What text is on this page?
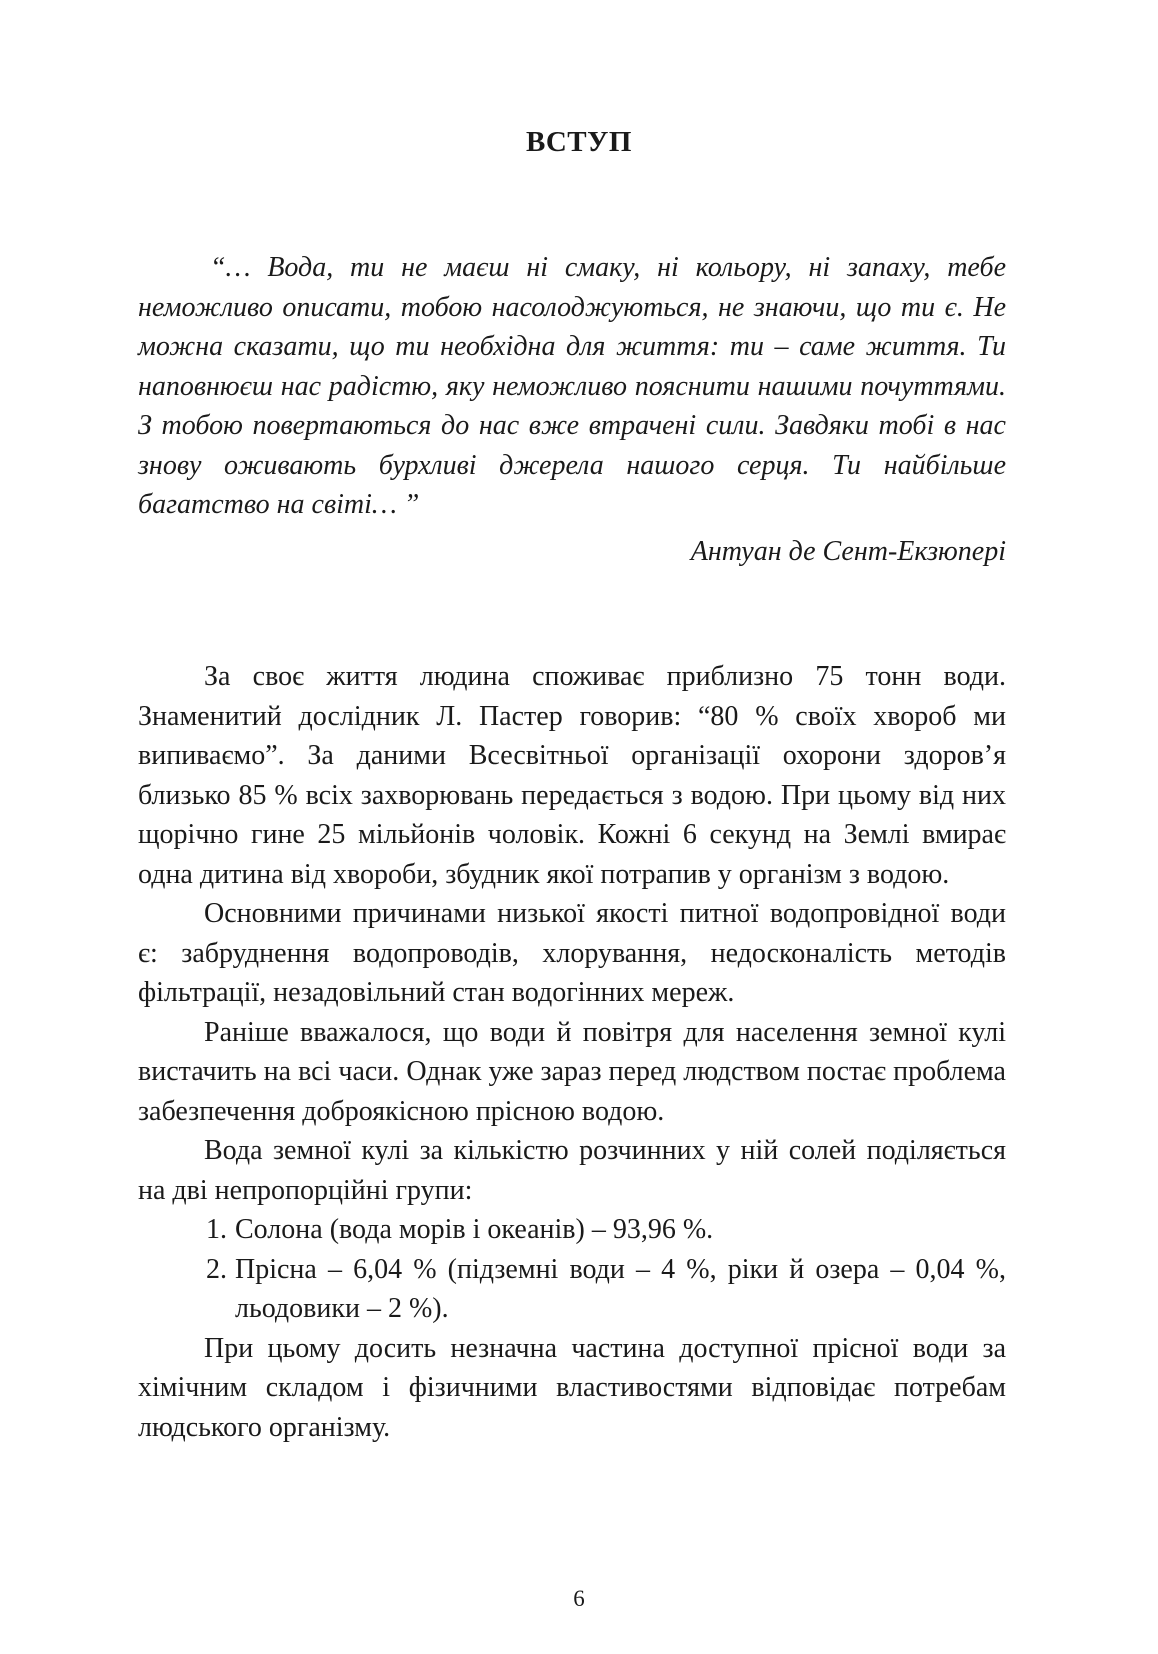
ВСТУП

“… Вода, ти не маєш ні смаку, ні кольору, ні запаху, тебе неможливо описати, тобою насолоджуються, не знаючи, що ти є. Не можна сказати, що ти необхідна для життя: ти – саме життя. Ти наповнюєш нас радістю, яку неможливо пояснити нашими почуттями. З тобою повертаються до нас вже втрачені сили. Завдяки тобі в нас знову оживають бурхливі джерела нашого серця. Ти найбільше багатство на світі… ”

Антуан де Сент-Екзюпері

За своє життя людина споживає приблизно 75 тонн води. Знаменитий дослідник Л. Пастер говорив: “80 % своїх хвороб ми випиваємо”. За даними Всесвітньої організації охорони здоров’я близько 85 % всіх захворювань передається з водою. При цьому від них щорічно гине 25 мільйонів чоловік. Кожні 6 секунд на Землі вмирає одна дитина від хвороби, збудник якої потрапив у організм з водою.

Основними причинами низької якості питної водопровідної води є: забруднення водопроводів, хлорування, недосконалість методів фільтрації, незадовільний стан водогінних мереж.

Раніше вважалося, що води й повітря для населення земної кулі вистачить на всі часи. Однак уже зараз перед людством постає проблема забезпечення доброякісною прісною водою.

Вода земної кулі за кількістю розчинних у ній солей поділяється на дві непропорційні групи:

1. Солона (вода морів і океанів) – 93,96 %.
2. Прісна – 6,04 % (підземні води – 4 %, ріки й озера – 0,04 %, льодовики – 2 %).

При цьому досить незначна частина доступної прісної води за хімічним складом і фізичними властивостями відповідає потребам людського організму.

6
